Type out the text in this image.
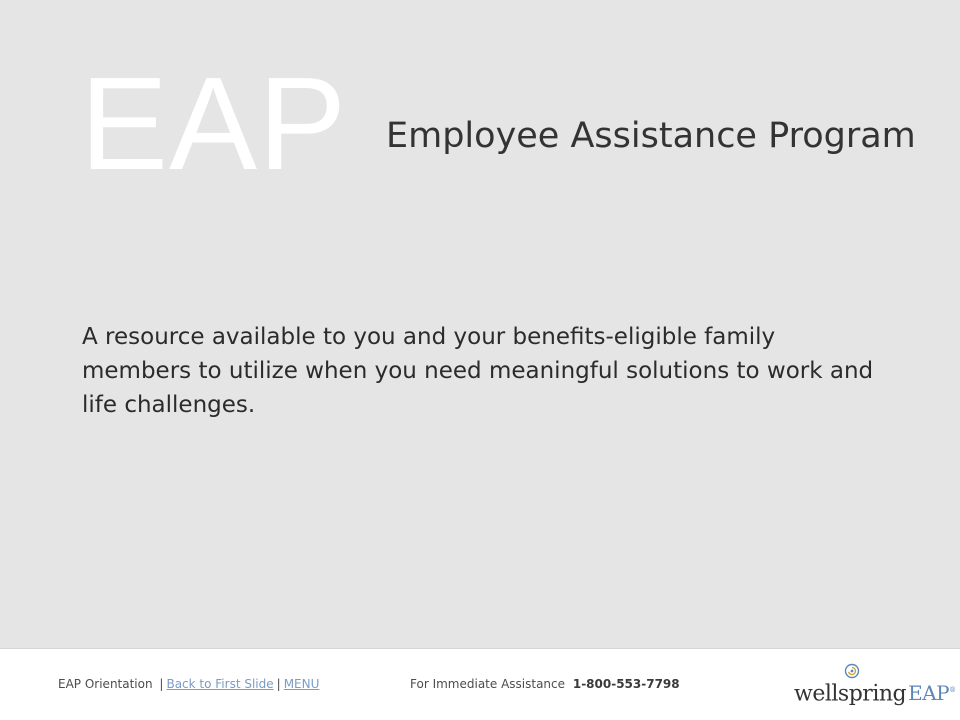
EAP Employee Assistance Program
A resource available to you and your benefits-eligible family members to utilize when you need meaningful solutions to work and life challenges.
EAP Orientation | Back to First Slide | MENU	For Immediate Assistance 1-800-553-7798	wellspring EAP®
